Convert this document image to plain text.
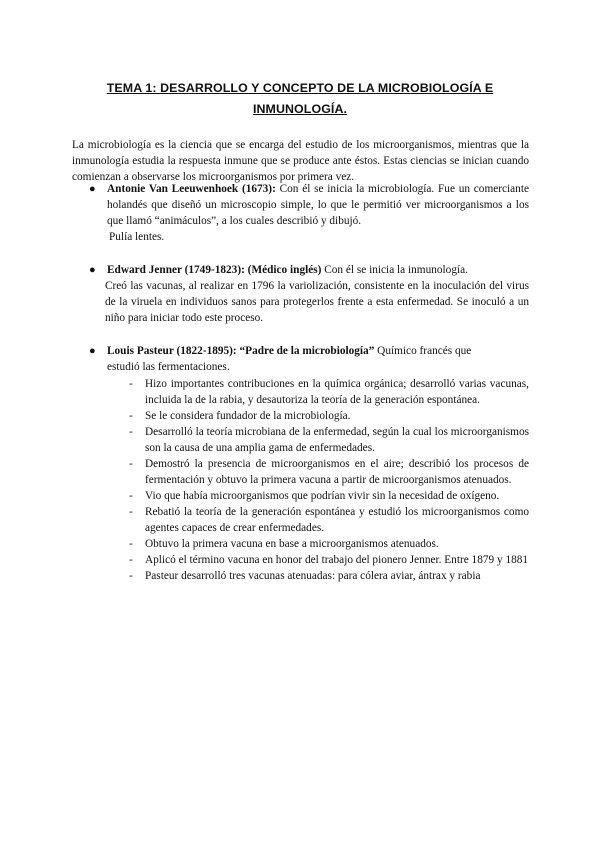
TEMA 1: DESARROLLO Y CONCEPTO DE LA MICROBIOLOGÍA E
INMUNOLOGÍA.

La microbiología es la ciencia que se encarga del estudio de los microorganismos, mientras que la inmunología estudia la respuesta inmune que se produce ante éstos. Estas ciencias se inician cuando comienzan a observarse los microorganismos por primera vez.

● Antonie Van Leeuwenhoek (1673): Con él se inicia la microbiología. Fue un comerciante holandés que diseñó un microscopio simple, lo que le permitió ver microorganismos a los que llamó “animáculos”, a los cuales describió y dibujó.

Pulía lentes.

● Edward Jenner (1749-1823): (Médico inglés) Con él se inicia la inmunología.

Creó las vacunas, al realizar en 1796 la variolización, consistente en la inoculación del virus de la viruela en individuos sanos para protegerlos frente a esta enfermedad. Se inoculó a un niño para iniciar todo este proceso.

● Louis Pasteur (1822-1895): “Padre de la microbiología” Químico francés que

estudió las fermentaciones.

- Hizo importantes contribuciones en la química orgánica; desarrolló varias vacunas, incluida la de la rabia, y desautoriza la teoría de la generación espontánea.
- Se le considera fundador de la microbiología.
- Desarrolló la teoría microbiana de la enfermedad, según la cual los microorganismos son la causa de una amplia gama de enfermedades.
- Demostró la presencia de microorganismos en el aire; describió los procesos de fermentación y obtuvo la primera vacuna a partir de microorganismos atenuados.
- Vio que había microorganismos que podrían vivir sin la necesidad de oxígeno.
- Rebatió la teoría de la generación espontánea y estudió los microorganismos como agentes capaces de crear enfermedades.
- Obtuvo la primera vacuna en base a microorganismos atenuados.
- Aplicó el término vacuna en honor del trabajo del pionero Jenner. Entre 1879 y 1881
- Pasteur desarrolló tres vacunas atenuadas: para cólera aviar, ántrax y rabia
